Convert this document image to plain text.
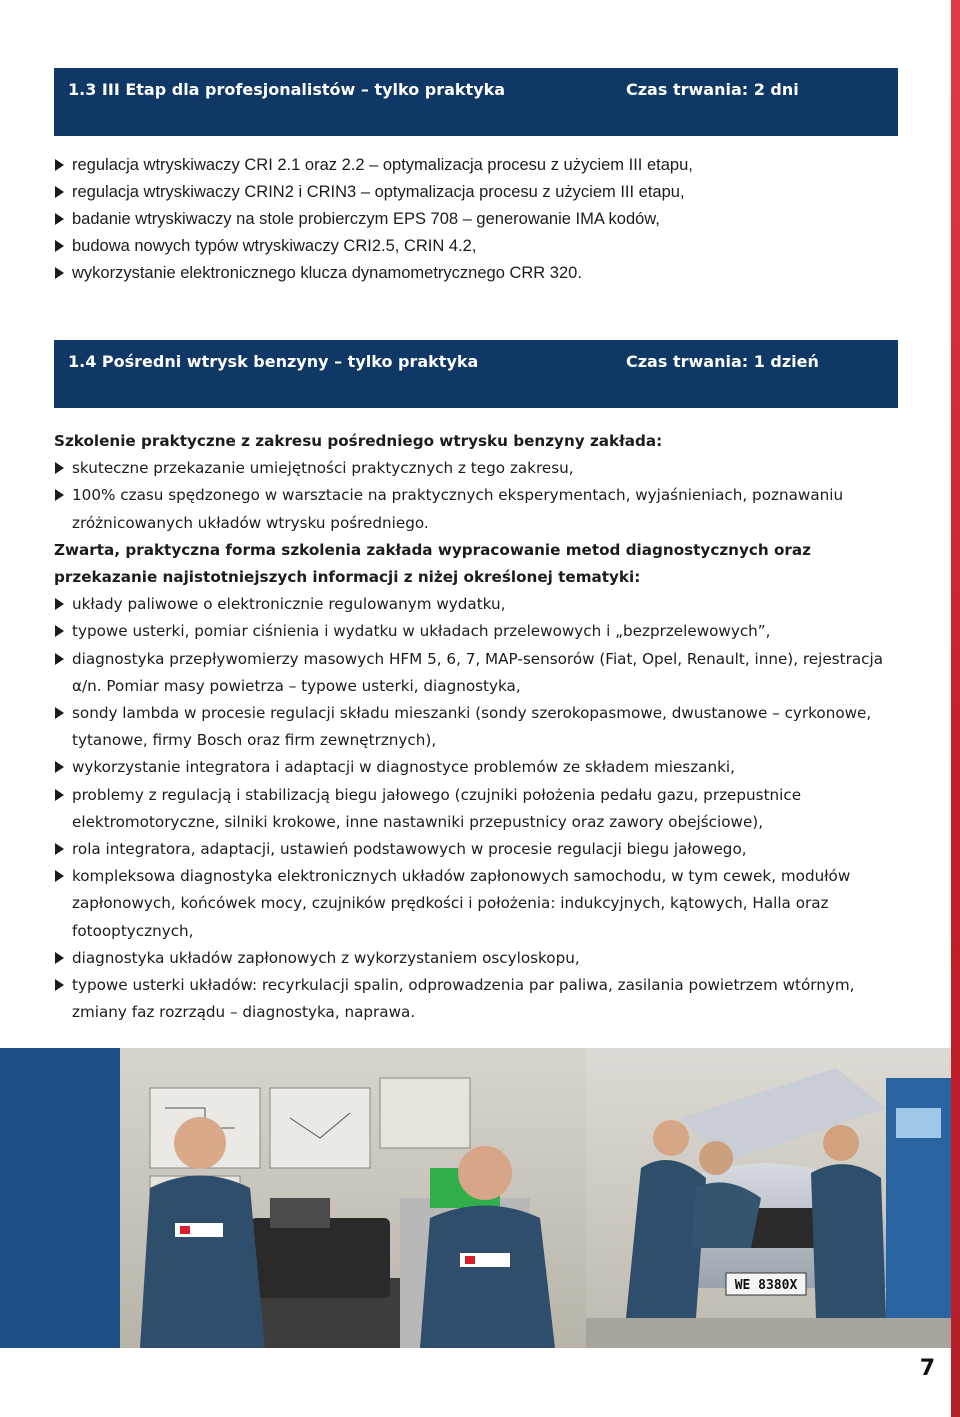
1.3 III Etap dla profesjonalistów – tylko praktyka	Czas trwania: 2 dni
regulacja wtryskiwaczy CRI 2.1 oraz 2.2 – optymalizacja procesu z użyciem III etapu,
regulacja wtryskiwaczy CRIN2 i CRIN3 – optymalizacja procesu z użyciem III etapu,
badanie wtryskiwaczy na stole probierczym EPS 708 – generowanie IMA kodów,
budowa nowych typów wtryskiwaczy CRI2.5, CRIN 4.2,
wykorzystanie elektronicznego klucza dynamometrycznego CRR 320.
1.4 Pośredni wtrysk benzyny – tylko praktyka	Czas trwania: 1 dzień

Szkolenie praktyczne z zakresu pośredniego wtrysku benzyny zakłada:

skuteczne przekazanie umiejętności praktycznych z tego zakresu,
100% czasu spędzonego w warsztacie na praktycznych eksperymentach, wyjaśnieniach, poznawaniu zróżnicowanych układów wtrysku pośredniego.

Zwarta, praktyczna forma szkolenia zakłada wypracowanie metod diagnostycznych oraz przekazanie najistotniejszych informacji z niżej określonej tematyki:

układy paliwowe o elektronicznie regulowanym wydatku,
typowe usterki, pomiar ciśnienia i wydatku w układach przelewowych i „bezprzelewowych”,
diagnostyka przepływomierzy masowych HFM 5, 6, 7, MAP-sensorów (Fiat, Opel, Renault, inne), rejestracja α/n. Pomiar masy powietrza – typowe usterki, diagnostyka,
sondy lambda w procesie regulacji składu mieszanki (sondy szerokopasmowe, dwustanowe – cyrkonowe, tytanowe, firmy Bosch oraz firm zewnętrznych),
wykorzystanie integratora i adaptacji w diagnostyce problemów ze składem mieszanki,
problemy z regulacją i stabilizacją biegu jałowego (czujniki położenia pedału gazu, przepustnice elektromotoryczne, silniki krokowe, inne nastawniki przepustnicy oraz zawory obejściowe),
rola integratora, adaptacji, ustawień podstawowych w procesie regulacji biegu jałowego,
kompleksowa diagnostyka elektronicznych układów zapłonowych samochodu, w tym cewek, modułów zapłonowych, końcówek mocy, czujników prędkości i położenia: indukcyjnych, kątowych, Halla oraz fotooptycznych,
diagnostyka układów zapłonowych z wykorzystaniem oscyloskopu,
typowe usterki układów: recyrkulacji spalin, odprowadzenia par paliwa, zasilania powietrzem wtórnym, zmiany faz rozrządu – diagnostyka, naprawa.
WE 8380X
7
